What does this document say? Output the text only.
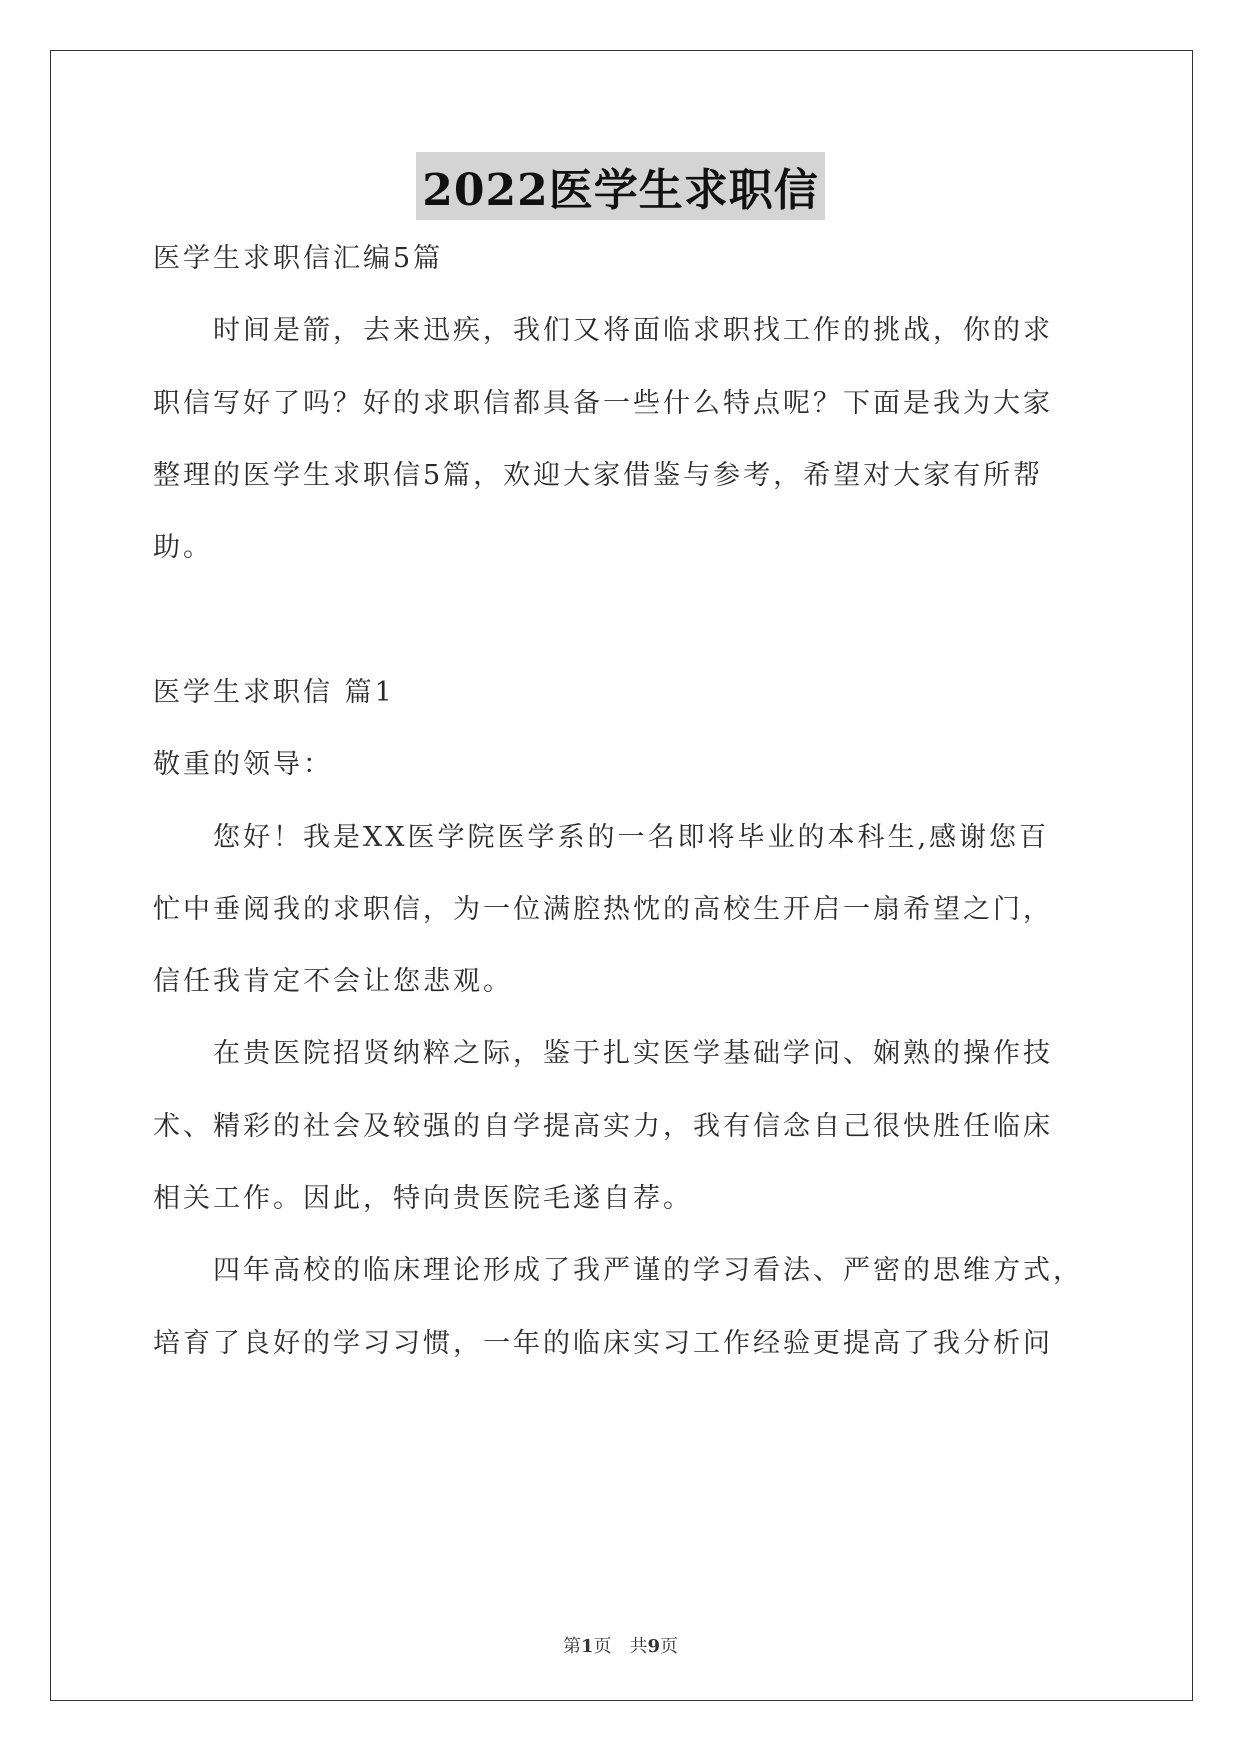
2022医学生求职信
医学生求职信汇编5篇
时间是箭，去来迅疾，我们又将面临求职找工作的挑战，你的求
职信写好了吗？好的求职信都具备一些什么特点呢？下面是我为大家
整理的医学生求职信5篇，欢迎大家借鉴与参考，希望对大家有所帮
助。
医学生求职信 篇1
敬重的领导：
您好！我是XX医学院医学系的一名即将毕业的本科生,感谢您百
忙中垂阅我的求职信，为一位满腔热忱的高校生开启一扇希望之门，
信任我肯定不会让您悲观。
在贵医院招贤纳粹之际，鉴于扎实医学基础学问、娴熟的操作技
术、精彩的社会及较强的自学提高实力，我有信念自己很快胜任临床
相关工作。因此，特向贵医院毛遂自荐。
四年高校的临床理论形成了我严谨的学习看法、严密的思维方式，
培育了良好的学习习惯，一年的临床实习工作经验更提高了我分析问
第1页　共9页
